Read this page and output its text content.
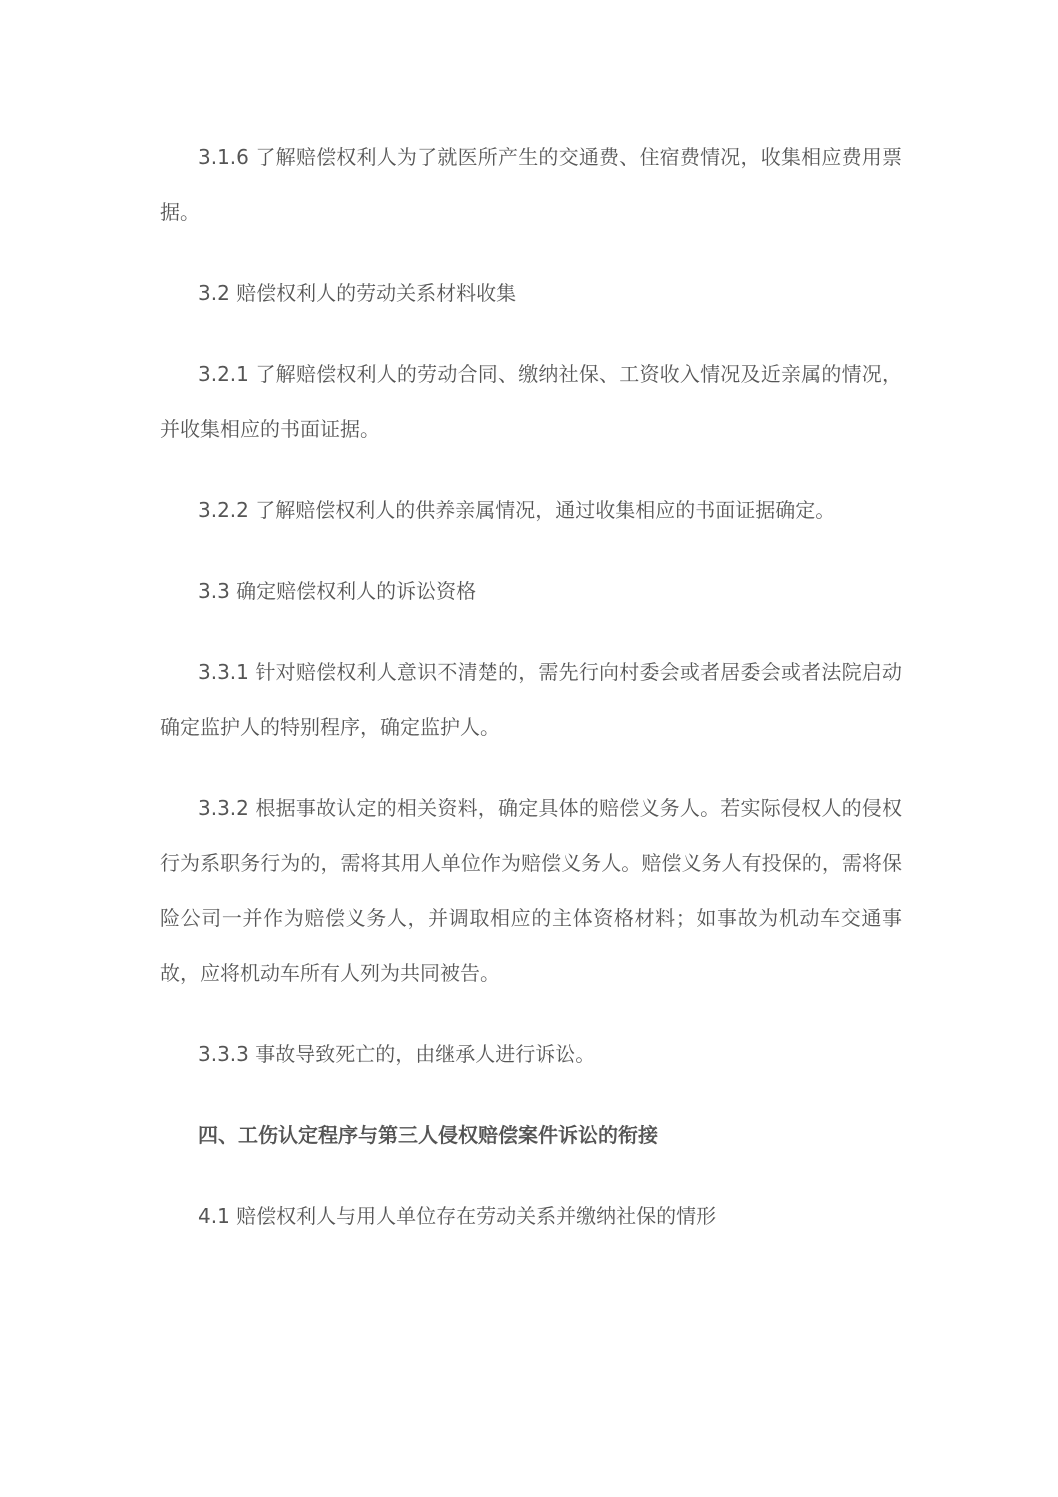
3.1.6 了解赔偿权利人为了就医所产生的交通费、住宿费情况，收集相应费用票据。

3.2 赔偿权利人的劳动关系材料收集

3.2.1 了解赔偿权利人的劳动合同、缴纳社保、工资收入情况及近亲属的情况，并收集相应的书面证据。

3.2.2 了解赔偿权利人的供养亲属情况，通过收集相应的书面证据确定。

3.3 确定赔偿权利人的诉讼资格

3.3.1 针对赔偿权利人意识不清楚的，需先行向村委会或者居委会或者法院启动确定监护人的特别程序，确定监护人。

3.3.2 根据事故认定的相关资料，确定具体的赔偿义务人。若实际侵权人的侵权行为系职务行为的，需将其用人单位作为赔偿义务人。赔偿义务人有投保的，需将保险公司一并作为赔偿义务人，并调取相应的主体资格材料；如事故为机动车交通事故，应将机动车所有人列为共同被告。

3.3.3 事故导致死亡的，由继承人进行诉讼。

四、工伤认定程序与第三人侵权赔偿案件诉讼的衔接

4.1 赔偿权利人与用人单位存在劳动关系并缴纳社保的情形
